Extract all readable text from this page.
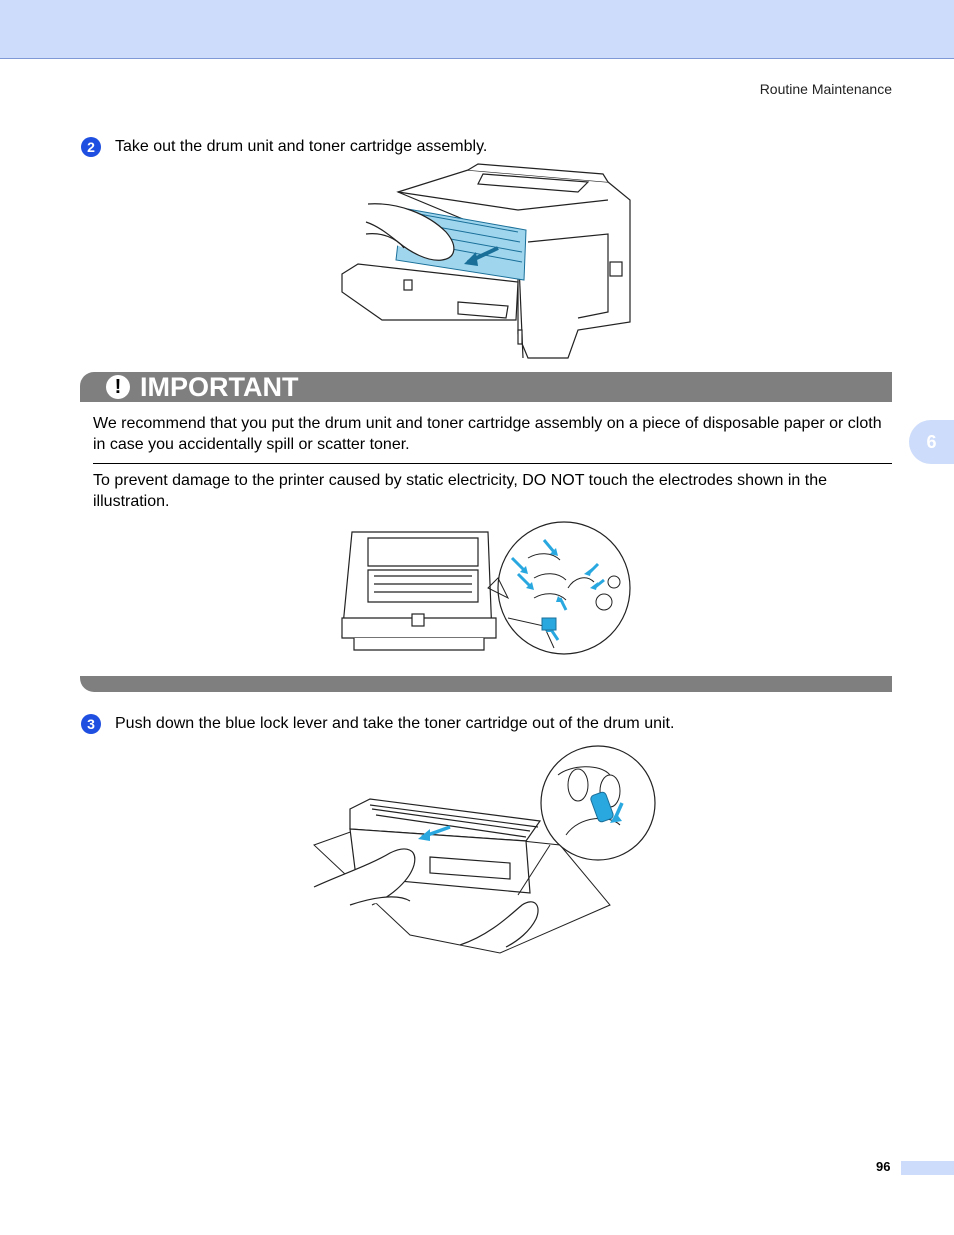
Routine Maintenance
6
2	Take out the drum unit and toner cartridge assembly.
! IMPORTANT
We recommend that you put the drum unit and toner cartridge assembly on a piece of disposable paper or cloth in case you accidentally spill or scatter toner.
To prevent damage to the printer caused by static electricity, DO NOT touch the electrodes shown in the illustration.
3	Push down the blue lock lever and take the toner cartridge out of the drum unit.
96
